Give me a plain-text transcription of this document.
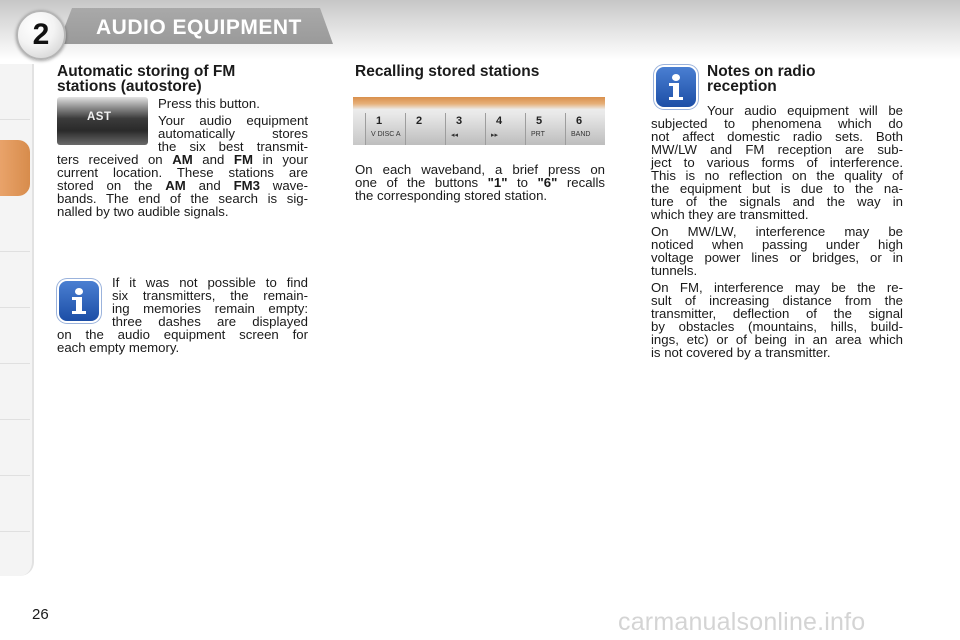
2 AUDIO EQUIPMENT
Automatic storing of FM
stations (autostore)

AST

Press this button.

Your audio equipment

automatically stores

the six best transmit-

ters received on AM and FM in your

current location. These stations are

stored on the AM and FM3 wave-

bands. The end of the search is sig-

nalled by two audible signals.

If it was not possible to find

six transmitters, the remain-

ing memories remain empty:

three dashes are displayed

on the audio equipment screen for

each empty memory.

Recalling stored stations

1

V DISC A

2	3

◂◂

4

▸▸

5

PRT

6

BAND

On each waveband, a brief press on

one of the buttons "1" to "6" recalls

the corresponding stored station.

Notes on radio
reception

Your audio equipment will be

subjected to phenomena which do

not affect domestic radio sets. Both

MW/LW and FM reception are sub-

ject to various forms of interference.

This is no reflection on the quality of

the equipment but is due to the na-

ture of the signals and the way in

which they are transmitted.

On MW/LW, interference may be

noticed when passing under high

voltage power lines or bridges, or in

tunnels.

On FM, interference may be the re-

sult of increasing distance from the

transmitter, deflection of the signal

by obstacles (mountains, hills, build-

ings, etc) or of being in an area which

is not covered by a transmitter.

26	carmanualsonline.info
